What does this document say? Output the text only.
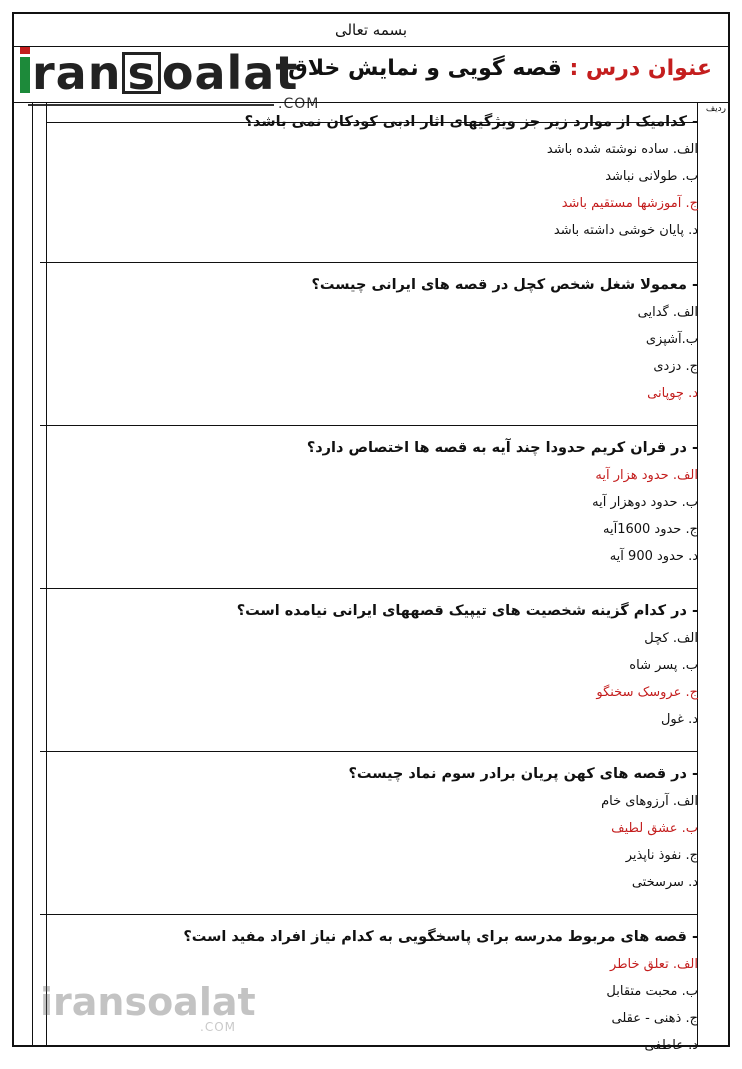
بسمه تعالی
ran s oalat
.COM
عنوان درس : قصه گویی و نمایش خلاق
ردیف
- کدامیک از موارد زیر جز ویژگیهای اثار ادبی کودکان نمی باشد؟
الف. ساده نوشته شده باشد
ب. طولانی نباشد
ج. آموزشها مستقیم باشد
د. پایان خوشی داشته باشد
- معمولا شغل شخص کچل در قصه های ایرانی چیست؟
الف. گدایی
ب.آشپزی
ج. دزدی
د. چوپانی
- در قران کریم حدودا چند آیه به قصه ها اختصاص دارد؟
الف. حدود هزار آیه
ب. حدود دوهزار آیه
ج. حدود 1600آیه
د. حدود 900 آیه
- در کدام گزینه شخصیت های تیپیک قصههای ایرانی نیامده است؟
الف. کچل
ب. پسر شاه
ج. عروسک سخنگو
د. غول
- در قصه های کهن پریان برادر سوم نماد چیست؟
الف. آرزوهای خام
ب. عشق لطیف
ج. نفوذ ناپذیر
د. سرسختی
- قصه های مربوط مدرسه برای پاسخگویی به کدام نیاز افراد مفید است؟
الف. تعلق خاطر
ب. محبت متقابل
ج. ذهنی - عقلی
د. عاطفی
iransoalat
.COM
